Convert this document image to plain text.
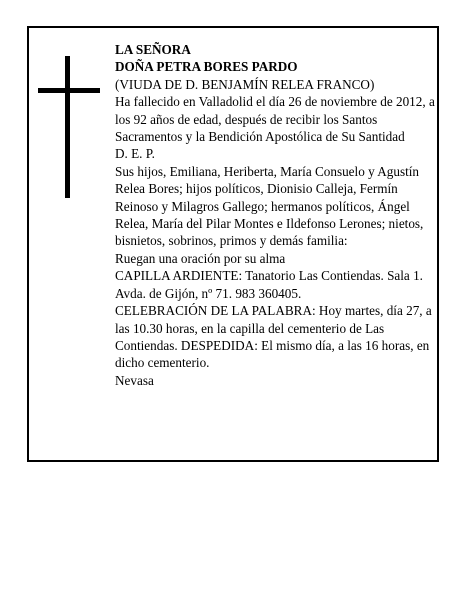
LA SEÑORA

DOÑA PETRA BORES PARDO

(VIUDA DE D. BENJAMÍN RELEA FRANCO)

Ha fallecido en Valladolid el día 26 de noviembre de 2012, a los 92 años de edad, después de recibir los Santos Sacramentos y la Bendición Apostólica de Su Santidad

D. E. P.

Sus hijos, Emiliana, Heriberta, María Consuelo y Agustín Relea Bores; hijos políticos, Dionisio Calleja, Fermín Reinoso y Milagros Gallego; hermanos políticos, Ángel Relea, María del Pilar Montes e Ildefonso Lerones; nietos, bisnietos, sobrinos, primos y demás familia:

Ruegan una oración por su alma

CAPILLA ARDIENTE: Tanatorio Las Contiendas. Sala 1. Avda. de Gijón, nº 71. 983 360405.

CELEBRACIÓN DE LA PALABRA: Hoy martes, día 27, a las 10.30 horas, en la capilla del cementerio de Las Contiendas. DESPEDIDA: El mismo día, a las 16 horas, en dicho cementerio.

Nevasa
